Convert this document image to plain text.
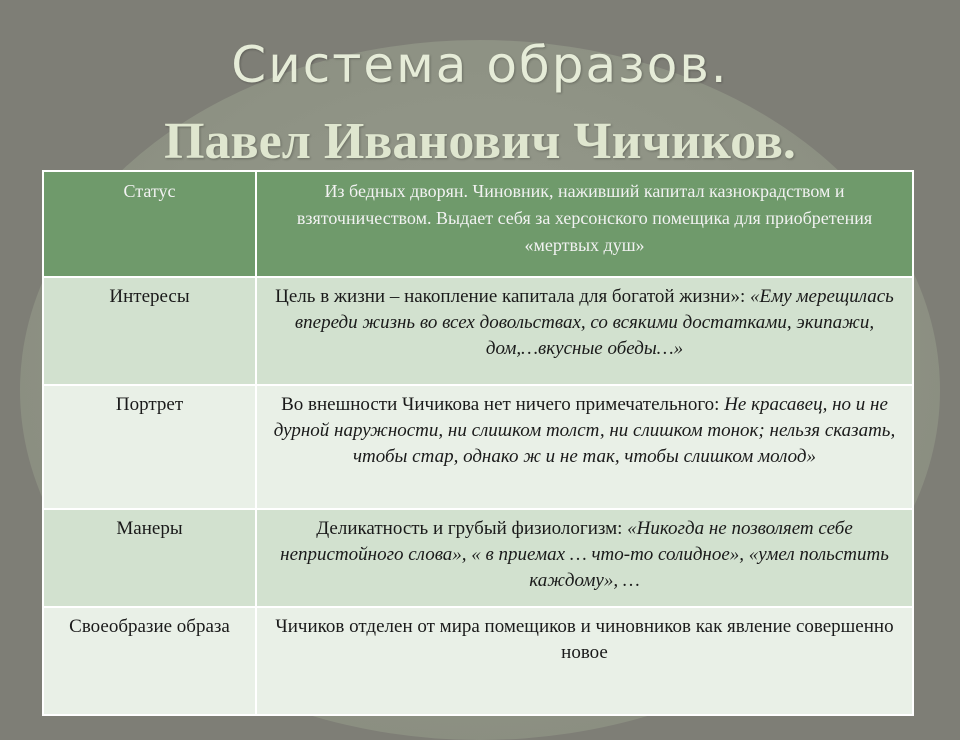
Система образов.
Павел Иванович Чичиков.
Статус	Из бедных дворян. Чиновник, наживший капитал казнокрадством и взяточничеством. Выдает себя за херсонского помещика для приобретения «мертвых душ»
Интересы	Цель в жизни – накопление капитала для богатой жизни»: «Ему мерещилась впереди жизнь во всех довольствах, со всякими достатками, экипажи, дом,…вкусные обеды…»
Портрет	Во внешности Чичикова нет ничего примечательного: Не красавец, но и не дурной наружности, ни слишком толст, ни слишком тонок; нельзя сказать, чтобы стар, однако ж и не так, чтобы слишком молод»
Манеры	Деликатность и грубый физиологизм: «Никогда не позволяет себе непристойного слова», « в приемах … что-то солидное», «умел польстить каждому», …
Своеобразие образа	Чичиков отделен от мира помещиков и чиновников как явление совершенно новое
